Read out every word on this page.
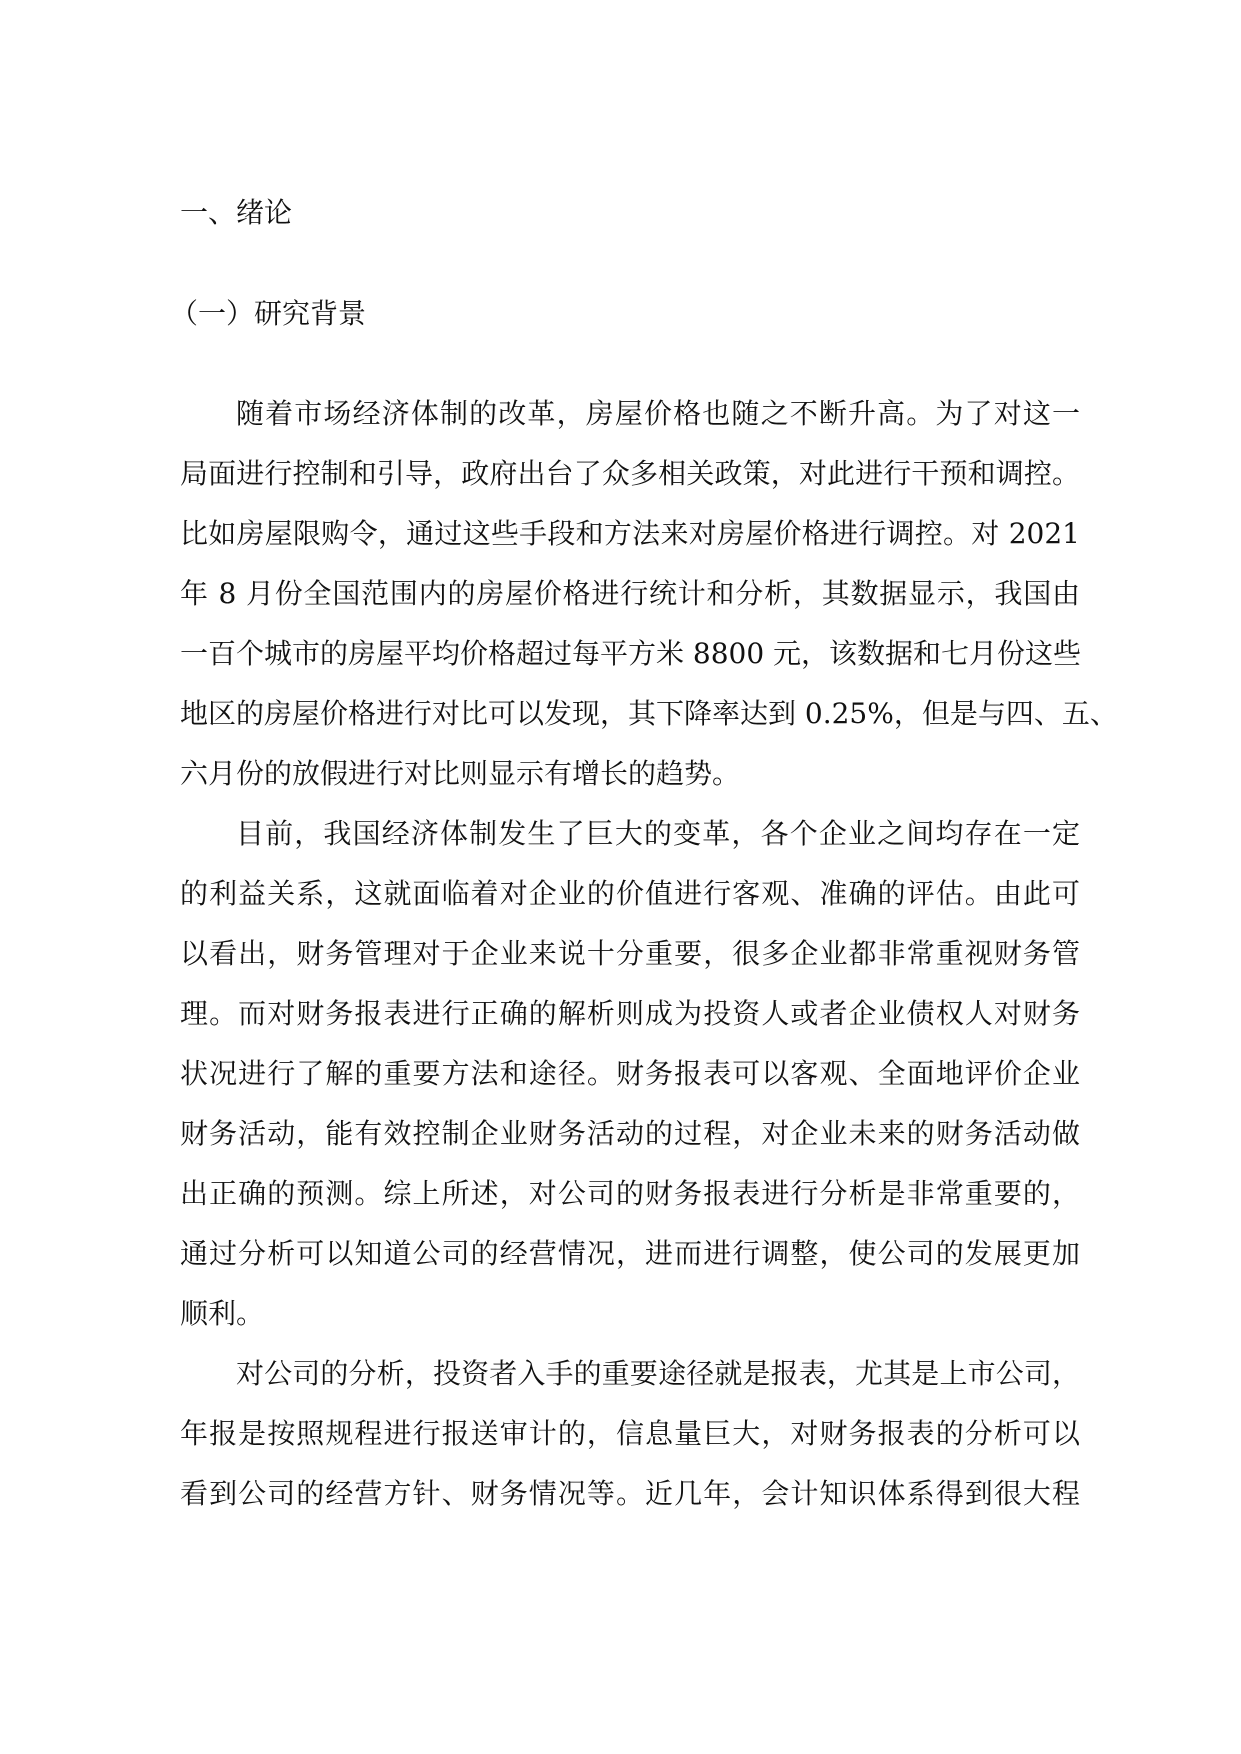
一、绪论
（一）研究背景
随着市场经济体制的改革，房屋价格也随之不断升高。为了对这一
局面进行控制和引导，政府出台了众多相关政策，对此进行干预和调控。
比如房屋限购令，通过这些手段和方法来对房屋价格进行调控。对 2021
年 8 月份全国范围内的房屋价格进行统计和分析，其数据显示，我国由
一百个城市的房屋平均价格超过每平方米 8800 元，该数据和七月份这些
地区的房屋价格进行对比可以发现，其下降率达到 0.25%，但是与四、五、
六月份的放假进行对比则显示有增长的趋势。
目前，我国经济体制发生了巨大的变革，各个企业之间均存在一定
的利益关系，这就面临着对企业的价值进行客观、准确的评估。由此可
以看出，财务管理对于企业来说十分重要，很多企业都非常重视财务管
理。而对财务报表进行正确的解析则成为投资人或者企业债权人对财务
状况进行了解的重要方法和途径。财务报表可以客观、全面地评价企业
财务活动，能有效控制企业财务活动的过程，对企业未来的财务活动做
出正确的预测。综上所述，对公司的财务报表进行分析是非常重要的，
通过分析可以知道公司的经营情况，进而进行调整，使公司的发展更加
顺利。
对公司的分析，投资者入手的重要途径就是报表，尤其是上市公司，
年报是按照规程进行报送审计的，信息量巨大，对财务报表的分析可以
看到公司的经营方针、财务情况等。近几年，会计知识体系得到很大程
